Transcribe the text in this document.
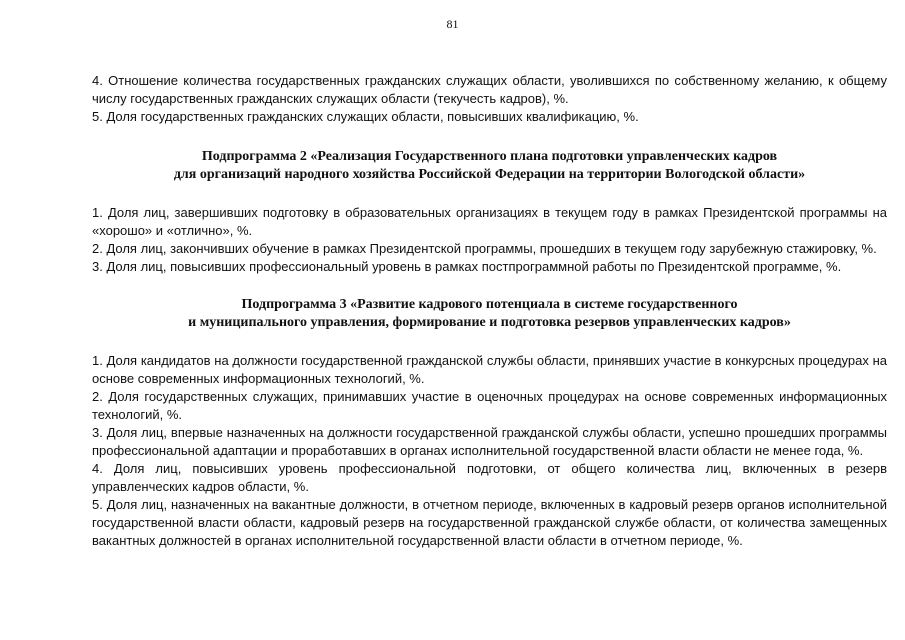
81

4. Отношение количества государственных гражданских служащих области, уволившихся по собственному желанию, к общему числу государственных гражданских служащих области (текучесть кадров), %.

5. Доля государственных гражданских служащих области, повысивших квалификацию, %.

Подпрограмма 2 «Реализация Государственного плана подготовки управленческих кадров
для организаций народного хозяйства Российской Федерации на территории Вологодской области»

1. Доля лиц, завершивших подготовку в образовательных организациях в текущем году в рамках Президентской программы на «хорошо» и «отлично», %.

2. Доля лиц, закончивших обучение в рамках Президентской программы, прошедших в текущем году зарубежную стажировку, %.

3. Доля лиц, повысивших профессиональный уровень в рамках постпрограммной работы по Президентской программе, %.

Подпрограмма 3 «Развитие кадрового потенциала в системе государственного
и муниципального управления, формирование и подготовка резервов управленческих кадров»

1. Доля кандидатов на должности государственной гражданской службы области, принявших участие в конкурсных процедурах на основе современных информационных технологий, %.

2. Доля государственных служащих, принимавших участие в оценочных процедурах на основе современных информационных технологий, %.

3. Доля лиц, впервые назначенных на должности государственной гражданской службы области, успешно прошедших программы профессиональной адаптации и проработавших в органах исполнительной государственной власти области не менее года, %.

4. Доля лиц, повысивших уровень профессиональной подготовки, от общего количества лиц, включенных в резерв управленческих кадров области, %.

5. Доля лиц, назначенных на вакантные должности, в отчетном периоде, включенных в кадровый резерв органов исполнительной государственной власти области, кадровый резерв на государственной гражданской службе области, от количества замещенных вакантных должностей в органах исполнительной государственной власти области в отчетном периоде, %.
